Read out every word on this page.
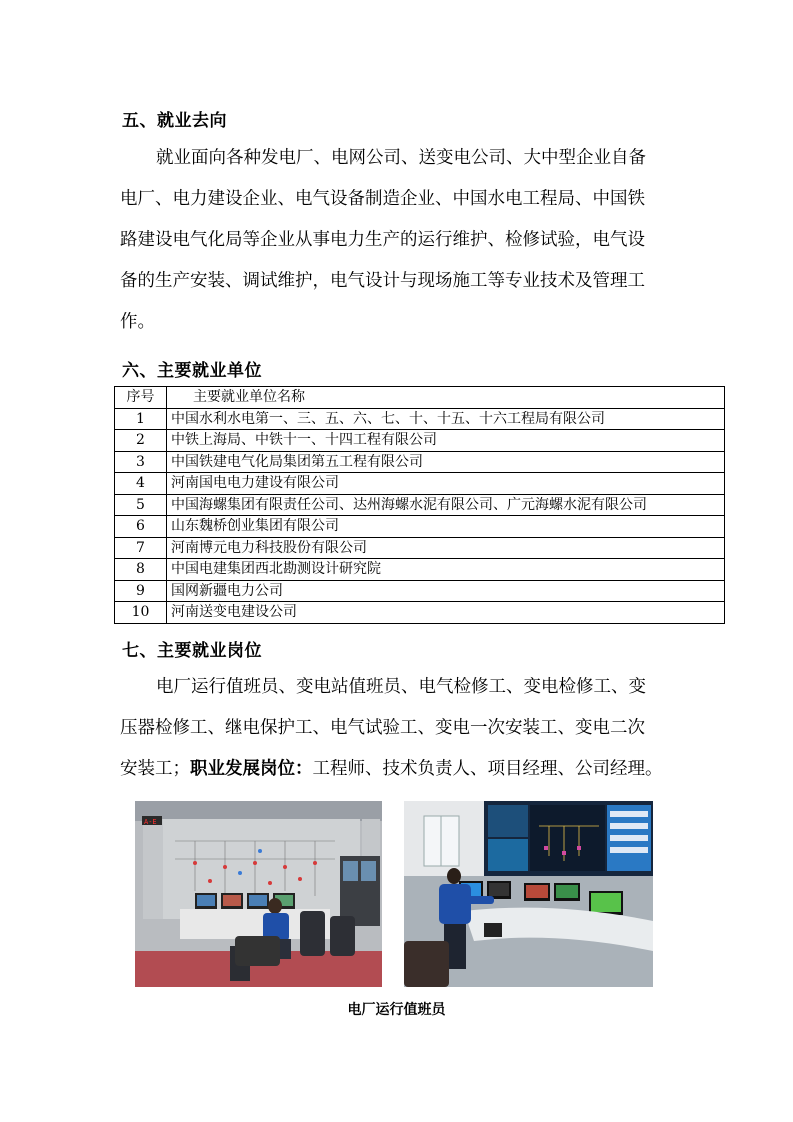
五、就业去向
就业面向各种发电厂、电网公司、送变电公司、大中型企业自备
电厂、电力建设企业、电气设备制造企业、中国水电工程局、中国铁
路建设电气化局等企业从事电力生产的运行维护、检修试验，电气设
备的生产安装、调试维护，电气设计与现场施工等专业技术及管理工
作。
六、主要就业单位
序号	主要就业单位名称
1	中国水利水电第一、三、五、六、七、十、十五、十六工程局有限公司
2	中铁上海局、中铁十一、十四工程有限公司
3	中国铁建电气化局集团第五工程有限公司
4	河南国电电力建设有限公司
5	中国海螺集团有限责任公司、达州海螺水泥有限公司、广元海螺水泥有限公司
6	山东魏桥创业集团有限公司
7	河南博元电力科技股份有限公司
8	中国电建集团西北勘测设计研究院
9	国网新疆电力公司
10	河南送变电建设公司
七、主要就业岗位
电厂运行值班员、变电站值班员、电气检修工、变电检修工、变
压器检修工、继电保护工、电气试验工、变电一次安装工、变电二次
安装工；职业发展岗位：工程师、技术负责人、项目经理、公司经理。
A-E
电厂运行值班员
